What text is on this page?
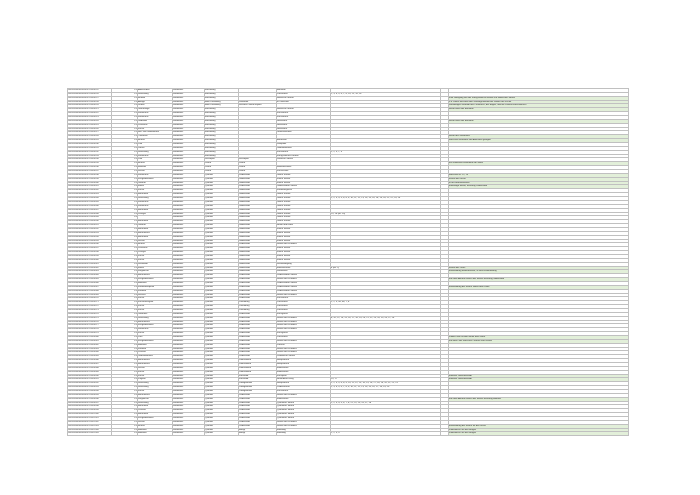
DNU0000000000000 DNU0912	1.0	Albersleben	Saalekreis	Merseburg		Bauzone			
DNU0000000000000 DNU0914	1.0	Strassburg	Saalekreis	Merseburg		Parkstraße	1, 3, 4, 5, 6, 7, 8, 10, 12, 14, 16		
DNU0000000000000 DNU0917	1.0	Bründe	Saalekreis	Merseburg		Hallesche Straße			zum Übergang von der König-Heinrich-Straße zur Hallischen Straße
DNU0000000000000 DNU0918	1.0	Anlage	Saalekreis	Bad Dürrenberg	Dölkmaar	In Zöllschen			u.a. Reihe zwischen den Gärtengrundstücken südlich der Kirche
DNU0000000000000 DNU0919	1.0	Drübel	Saalekreis	Bad Dürrenberg	Schkorz Lützen Bayern				Weitläufiges Gelände des Parkteichs, der Bogen, und die Parkhof einschließlich
DNU0000000000000 DNU0921	1.0	Grünanlage	Saalekreis	Merseburg		Hallesche Straße			Reste eines der Bauzone
DNU0000000000000 DNU0922	1.0	Wohnhaus	Saalekreis	Merseburg		Kirchstraße			
DNU0000000000000 DNU0923	1.0	Wohnhaus	Saalekreis	Merseburg		Kirchstraße			
DNU0000000000000 DNU0924	1.0	Gebäude	Saalekreis	Merseburg		Neustraße			Reste eines der Bauzone
DNU0000000000000 DNU0925	1.0	Pfarrhaus	Saalekreis	Merseburg		Neustraße			
DNU0000000000000 DNU0926	1.0	Kirche	Saalekreis	Merseburg		Neustraße			
DNU0000000000000 DNU0927	1.0	Hof- und Gewerbehof	Saalekreis	Merseburg		Unterhofstraße			
DNU0000000000000 DNU0928	1.0	Treibhaus	Saalekreis	Merseburg					Reste des Wohnhaus
DNU0000000000000 DNU0929	1.0	Brücke	Saalekreis	Merseburg		Ebenstein			zwischen Neumarkt und Altenstein gelegen
DNU0000000000000 DNU0930	1.0	Villa	Saalekreis	Merseburg		Domplatz			
DNU0000000000000 DNU0931	1.0	Vorhof	Saalekreis	Merseburg		Gotthardstraße			
DNU0000000000000 DNU0932	1.0	Strassburg	Saalekreis	Merseburg		Kirchstraße	1, 2, 3, 7, 9		
DNU0000000000000 DNU0933	1.0	Wohnhaus	Saalekreis	Merseburg		König-Heinrich-Straße			
DNU0000000000000 DNU0934	1.0	Villa	Saalekreis	Schkopau	Schkopau	Dörlache Straße			
DNU0000000000000 DNU0935	1.0	Brücke	Saalekreis	Leuna	Leuna				ein verdeckter Einlaufauf am Saale
DNU0000000000000 DNU0936	1.0	Rathaus	Saalekreis	Leuna	Leuna	Rathausstraße			
DNU0000000000000 DNU0937	1.0	Schule	Saalekreis	Leuna	Leuna	Kirchschule			
DNU0000000000000 DNU0938	1.0	Wohnhaus	Saalekreis	Querfurt	Leiderstedt	Große Straße			zwischen Nr. 12, 14
DNU0000000000000 DNU0939	1.0	Kriegerdenkmal	Saalekreis	Querfurt	Gatterstedt	Kleine Straße			östlich der Kirche
DNU0000000000000 DNU0940	1.0	Gasthof	Saalekreis	Querfurt	Gatterstedt	Kleine Straße			In der Bahnhofstraße
DNU0000000000000 DNU0941	1.0	Mühle	Saalekreis	Querfurt	Leiderstedt	Gatterstedter Straße			ehemalige Mühle, Richtung Leiderstedt
DNU0000000000000 DNU0942	1.0	Kirche	Saalekreis	Querfurt	Gatterstedt	Friedhofsgasse			
DNU0000000000000 DNU0943	1.0	Bauernhof	Saalekreis	Querfurt	Gatterstedt	Große Straße			
DNU0000000000000 DNU0944	1.0	Strassburg	Saalekreis	Querfurt	Gatterstedt	Große Straße	1, 2, 3, 4, 5, 6, 8, 9, 10, 11, 12, 13, 14, 15, 16, 18, 19, 20, 21, 22, 23, 24		
DNU0000000000000 DNU0945	1.0	Wohnhaus	Saalekreis	Querfurt	Gatterstedt	Große Straße			
DNU0000000000000 DNU0946	1.0	Wohnhaus	Saalekreis	Querfurt	Gatterstedt	Große Straße			
DNU0000000000000 DNU0947	1.0	Bauernhof	Saalekreis	Querfurt	Gatterstedt	Große Straße			
DNU0000000000000 DNU0948	1.0	Pfarrgut	Saalekreis	Querfurt	Gatterstedt	Große Straße	15, 16 (alt. 20)		
DNU0000000000000 DNU0949	1.0		Saalekreis	Querfurt	Gatterstedt	Große Straße			
DNU0000000000000 DNU0950	1.0	Bauernhof	Saalekreis	Querfurt	Gatterstedt	Große Straße			
DNU0000000000000 DNU0951	1.0	Gasthof	Saalekreis	Querfurt	Gatterstedt	Hinter dem Hofe			
DNU0000000000000 DNU0952	1.0	Bauernhof	Saalekreis	Querfurt	Gatterstedt	Kleine Straße			
DNU0000000000000 DNU0953	1.0	Bauernhaus	Saalekreis	Querfurt	Gatterstedt	Kleine Straße			
DNU0000000000000 DNU0954	1.0	Bauernhof	Saalekreis	Querfurt	Gatterstedt	Kleine Straße			
DNU0000000000000 DNU0955	1.0	Schule	Saalekreis	Querfurt	Gatterstedt	Kleine Straße			
DNU0000000000000 DNU0956	1.0	Brücke	Saalekreis	Querfurt	Leiderstedt	Straße des Friedens			
DNU0000000000000 DNU0957	1.0	Pfarrhaus	Saalekreis	Querfurt	Gatterstedt	Kleine Straße			
DNU0000000000000 DNU0958	1.0	Pfarrgut	Saalekreis	Querfurt	Gatterstedt	Kleine Straße			
DNU0000000000000 DNU0959	1.0	Kirche	Saalekreis	Querfurt	Gatterstedt	Kleine Straße			
DNU0000000000000 DNU0960	1.0	Kirche	Saalekreis	Querfurt	Gatterstedt	Kleine Straße			
DNU0000000000000 DNU0961	1.0	Schmiede	Saalekreis	Querfurt	Gatterstedt	Schmiedegang			
DNU0000000000000 DNU0962	1.0	Mühle	Saalekreis	Querfurt	Gatterstedt	Mühlenstraße	8 (alt. 2)		östlich des Ortes
DNU0000000000000 DNU0963	1.0	Wegweiser	Saalekreis	Querfurt	Gatterstedt	Saalstraße			Einmündung Mühlenstraße, in einer Einmündung
DNU0000000000000 DNU0964	1.0	Bauernhaus	Saalekreis	Querfurt	Leiderstedt	Leiderstedter Straße			
DNU0000000000000 DNU0965	1.0	Kriegerdenkmal	Saalekreis	Querfurt	Leiderstedt	Straße des Friedens			auf einer Anhöhe östlich der Straße Richtung Gatterstedt
DNU0000000000000 DNU0966	1.0	Bildstock	Saalekreis	Querfurt	Leiderstedt	Leiderstedter Straße			
DNU0000000000000 DNU0967	1.0	Friedhofskapelle	Saalekreis	Querfurt	Leiderstedt	Leiderstedter Straße			Einmündung der Straße Hinter dem Dorfe
DNU0000000000000 DNU0968	1.0	Friedhof	Saalekreis	Querfurt	Leiderstedt	Leiderstedter Straße			
DNU0000000000000 DNU0969	1.0	Schloss	Saalekreis	Querfurt	Leiderstedt	Straße des Friedens			
DNU0000000000000 DNU0970	1.0	Kirche	Saalekreis	Querfurt	Leiderstedt	Kirchstraße			
DNU0000000000000 DNU0971	1.0	Kirchenzeughof	Saalekreis	Querfurt	Vitzenburg	Parkstraße	1, 2, 3, 5a, 6a, 7, 8		
DNU0000000000000 DNU0972	1.0	Kirche	Saalekreis	Querfurt	Vitzenburg	Parkstraße			
DNU0000000000000 DNU0973	1.0	Kirche	Saalekreis	Querfurt	Vitzenburg	Parkstraße			
DNU0000000000000 DNU0974	1.0	Gasthaus	Saalekreis	Querfurt	Leiderstedt	Kirchgasse			
DNU0000000000000 DNU0975	1.0	Strassburg	Saalekreis	Querfurt	Leiderstedt	Straße des Friedens	8, 10, 12, 14, 15, 16, 17, 18, 19, 20, 21, 22, 23, 24, 25, 26, 27, 28		
DNU0000000000000 DNU0976	1.0	Bauernhaus	Saalekreis	Querfurt	Leiderstedt	Straße des Friedens			
DNU0000000000000 DNU0977	1.0	Kriegerdenkmal	Saalekreis	Querfurt	Leiderstedt	Straße des Friedens			
DNU0000000000000 DNU0978	1.0	Wohnhaus	Saalekreis	Querfurt	Leiderstedt	Straße des Friedens			
DNU0000000000000 DNU0979	1.0	Kirche	Saalekreis	Querfurt	Leiderstedt	Kirchgasse			
DNU0000000000000 DNU0980	1.0	Park	Saalekreis	Querfurt	Leiderstedt	Parkstraße			südlich vom Schloß Hinter dem Dorfe
DNU0000000000000 DNU0981	1.0	Kriegerdenkmal	Saalekreis	Querfurt	Leiderstedt	Straße des Friedens			auf dem Platz zwischen Pfarrhof und Schloß
DNU0000000000000 DNU0982	1.0	Bildstock	Saalekreis	Querfurt	Leiderstedt	Parkhof			
DNU0000000000000 DNU0983	1.0	Friedhof	Saalekreis	Querfurt	Leiderstedt	Straße des Friedens			
DNU0000000000000 DNU0984	1.0	Pfarrhof	Saalekreis	Querfurt	Leiderstedt	Straße des Friedens			
DNU0000000000000 DNU0985	1.0	Gemeindehaus	Saalekreis	Querfurt	Leiderstedt	Leinbacher Straße			
DNU0000000000000 DNU0986	1.0	Bauernhaus	Saalekreis	Querfurt	Lodersleben	Hauptstraße			
DNU0000000000000 DNU0987	1.0	Bauernhaus	Saalekreis	Querfurt	Lodersleben	Hauptstraße			
DNU0000000000000 DNU0988	1.0	Schule	Saalekreis	Querfurt	Lodersleben	Mittelstraße			
DNU0000000000000 DNU0989	1.0	Kirche	Saalekreis	Querfurt	Lodersleben	Mittelstraße			
DNU0000000000000 DNU0990	1.0	Kirche	Saalekreis	Querfurt	Farnstädt	Kirchplatz			ehemals Unterfarnstädt
DNU0000000000000 DNU0991	1.0	Ziegelei	Saalekreis	Querfurt	Farnstädt	Hinterdorfer Weg	15, 17		ehemals Unterfarnstädt
DNU0000000000000 DNU0992	1.0	Strassburg	Saalekreis	Querfurt	Landgrafroda	Hauptstraße	1, 2, 3, 5, 6, 8, 9, 10, 11, 12, 13, 14, 15, 16, 17, 18, 19, 20, 21, 22, 23		
DNU0000000000000 DNU0993	1.0	Strassburg	Saalekreis	Querfurt	Landgrafroda	Lindenstraße	1, 3, 4, 5, 6, 7, 8, 9, 10, 11, 12, 13, 14, 15, 16, 17, 18, 19, 20		
DNU0000000000000 DNU0994	1.0	Kirche	Saalekreis	Querfurt	Landgrafroda	Kirchstraße			
DNU0000000000000 DNU0995	1.0	Bauernhaus	Saalekreis	Querfurt	Leiderstedt	Straße des Friedens			
DNU0000000000000 DNU0996	1.0	Wegweiser	Saalekreis	Querfurt	Leiderstedt	Mittelstraße			auf einer Anhöhe östlich der Straße Richtung Mittelstr.
DNU0000000000000 DNU0997	1.0	Strassburg	Saalekreis	Querfurt	Leiderstedt	Querfurter Straße	1, 2, 3, 4, 5, 6, 7, 8, 21, 22, 23, 24, 27, 28		
DNU0000000000000 DNU0998	1.0	Bauernhof	Saalekreis	Querfurt	Leiderstedt	Querfurter Straße			
DNU0000000000000 DNU0999	1.0	Pfarrhof	Saalekreis	Querfurt	Leiderstedt	Querfurter Straße			
DNU0000000000000 DNU1000	1.0	Bauernhof	Saalekreis	Querfurt	Leiderstedt	Querfurter Straße			
DNU0000000000000 DNU1001	1.0	Kriegerdenkmal	Saalekreis	Querfurt	Leiderstedt	Querfurter Straße			
DNU0000000000000 DNU1002	1.0	Schule	Saalekreis	Querfurt	Leiderstedt	Straße des Friedens			
DNU0000000000000 DNU1003	1.0	Brücke	Saalekreis	Querfurt	Leiderstedt	Straße des Friedens			Einmündung der Straße an der Kirche
DNU0000000000000 DNU1004	1.0	Bildstock	Saalekreis	Querfurt	Birkigt	Mühlweg			südöstliche Fuß des Berges
DNU0000000000000 DNU1005	1.0	Bildstock	Saalekreis	Querfurt	Birkigt	Mühlweg	1, 2, 3, 4		südöstliche Fuß des Berges
